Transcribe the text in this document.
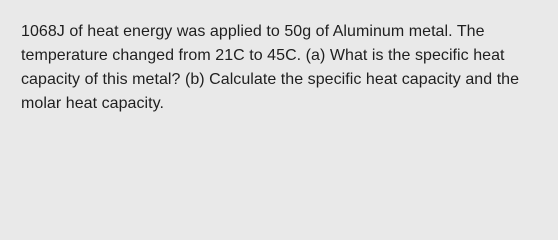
1068J of heat energy was applied to 50g of Aluminum metal. The temperature changed from 21C to 45C. (a) What is the specific heat capacity of this metal? (b) Calculate the specific heat capacity and the molar heat capacity.
